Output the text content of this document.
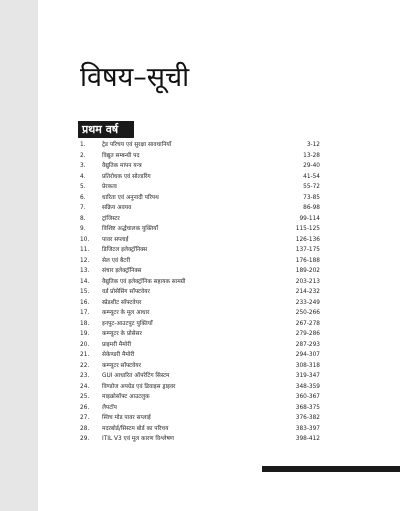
विषय–सूची
प्रथम वर्ष
1.	ट्रेड परिचय एवं सुरक्षा सावधानियाँ	3-12
2.	विद्युत सम्बन्धी पद	13-28
3.	वैद्युतिक मापन यन्त्र	29-40
4.	प्रतिरोधक एवं सोल्डरिंग	41-54
5.	प्रेरकत्व	55-72
6.	धारिता एवं अनुनादी परिपथ	73-85
7.	सक्रिय अवयव	86-98
8.	ट्रांजिस्टर	99-114
9.	विशिष्ट अर्द्धचालक युक्तियाँ	115-125
10.	पावर सप्लाई	126-136
11.	डिजिटल इलेक्ट्रॉनिक्स	137-175
12.	सेल एवं बैटरी	176-188
13.	संचार इलेक्ट्रॉनिक्स	189-202
14.	वैद्युतिक एवं इलेक्ट्रॉनिक सहायक सामग्री	203-213
15.	वर्ड प्रोसेसिंग सॉफ्टवेयर	214-232
16.	स्प्रेडशीट सॉफ्टवेयर	233-249
17.	कम्प्यूटर के मूल आधार	250-266
18.	इनपुट-आउटपुट युक्तियाँ	267-278
19.	कम्प्यूटर के प्रोसेसर	279-286
20.	प्राइमरी मैमोरी	287-293
21.	सेकेण्डरी मैमोरी	294-307
22.	कम्प्यूटर सॉफ्टवेयर	308-318
23.	GUI आधारित ऑपरेटिंग सिस्टम	319-347
24.	विण्डोज अपग्रेड एवं डिवाइस ड्राइवर	348-359
25.	माइक्रोसॉफ्ट आउटलुक	360-367
26.	लैपटॉप	368-375
27.	स्विच मोड पावर सप्लाई	376-382
28.	मदरबोर्ड/सिस्टम बोर्ड का परिचय	383-397
29.	ITIL V3 एवं मूल कारण विश्लेषण	398-412
